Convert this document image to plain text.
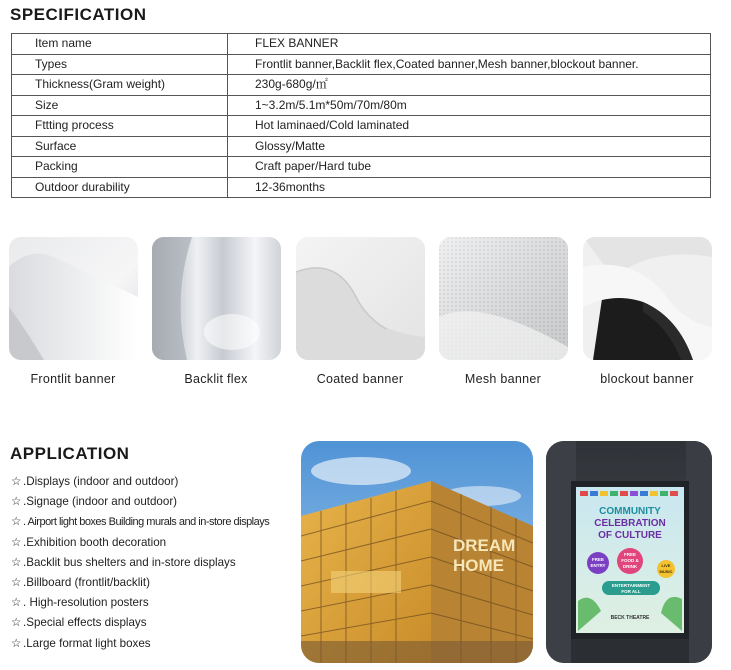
SPECIFICATION
Item name	FLEX BANNER
Types	Frontlit banner,Backlit flex,Coated banner,Mesh banner,blockout banner.
Thickness(Gram weight)	230g-680g/㎡
Size	1~3.2m/5.1m*50m/70m/80m
Fttting process	Hot laminaed/Cold laminated
Surface	Glossy/Matte
Packing	Craft paper/Hard tube
Outdoor durability	12-36months
Frontlit banner	Backlit flex	Coated banner	Mesh banner	blockout banner
APPLICATION
☆ .Displays (indoor and outdoor)
☆ .Signage (indoor and outdoor)
☆ . Airport light boxes Building murals and in-store displays
☆ .Exhibition booth decoration
☆ .Backlit bus shelters and in-store displays
☆ .Billboard (frontlit/backlit)
☆ . High-resolution posters
☆ .Special effects displays
☆ .Large format light boxes
DREAM
HOME
COMMUNITY
CELEBRATION
OF CULTURE
FREE
ENTRY
FREE
FOOD &
DRINK
ENTERTAINMENT
FOR ALL
LIVE
MUSIC
BECK THEATRE
